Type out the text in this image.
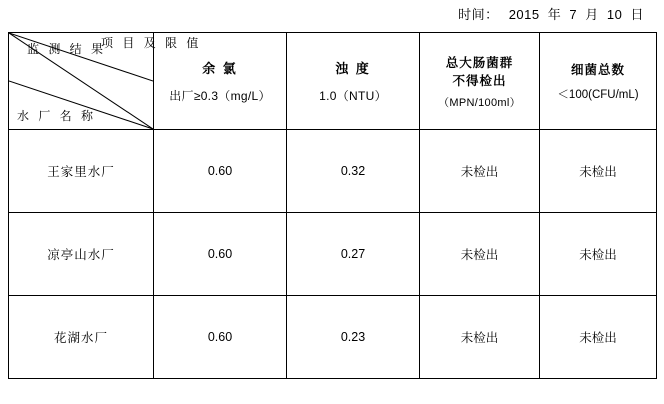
时间： 2015 年 7 月 10 日
项 目 及 限 值
监 测 结 果
水 厂 名 称

余 氯
出厂≥0.3（mg/L）

浊 度
1.0（NTU）

总大肠菌群
不得检出
（MPN/100ml）

细菌总数
＜100(CFU/mL)

王家里水厂	0.60	0.32	未检出	未检出
凉亭山水厂	0.60	0.27	未检出	未检出
花湖水厂	0.60	0.23	未检出	未检出
